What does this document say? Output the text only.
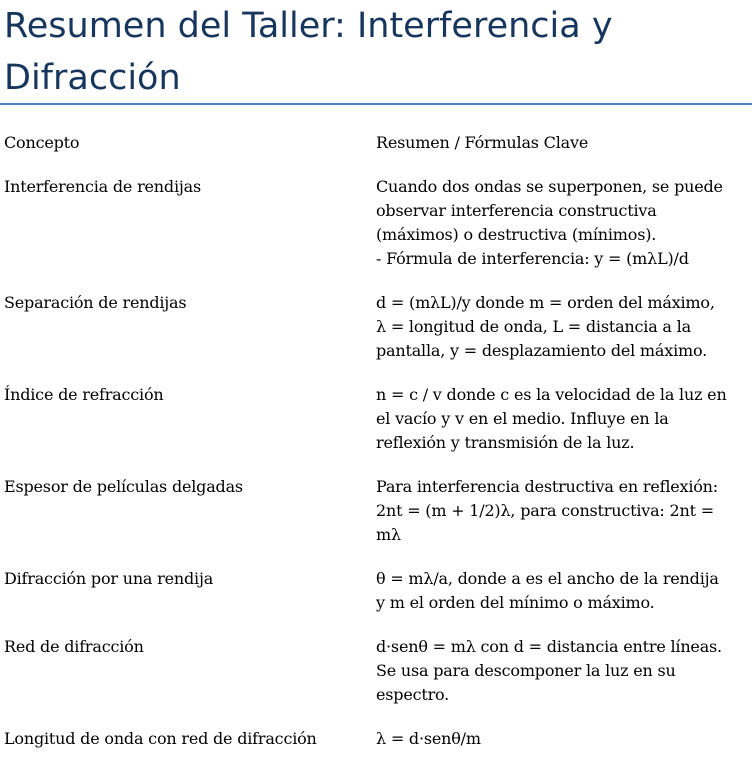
Resumen del Taller: Interferencia y Difracción
Concepto	Resumen / Fórmulas Clave
Interferencia de rendijas	Cuando dos ondas se superponen, se puede
observar interferencia constructiva
(máximos) o destructiva (mínimos).
- Fórmula de interferencia: y = (mλL)/d
Separación de rendijas	d = (mλL)/y donde m = orden del máximo,
λ = longitud de onda, L = distancia a la
pantalla, y = desplazamiento del máximo.
Índice de refracción	n = c / v donde c es la velocidad de la luz en
el vacío y v en el medio. Influye en la
reflexión y transmisión de la luz.
Espesor de películas delgadas	Para interferencia destructiva en reflexión:
2nt = (m + 1/2)λ, para constructiva: 2nt =
mλ
Difracción por una rendija	θ = mλ/a, donde a es el ancho de la rendija
y m el orden del mínimo o máximo.
Red de difracción	d·senθ = mλ con d = distancia entre líneas.
Se usa para descomponer la luz en su
espectro.
Longitud de onda con red de difracción	λ = d·senθ/m
